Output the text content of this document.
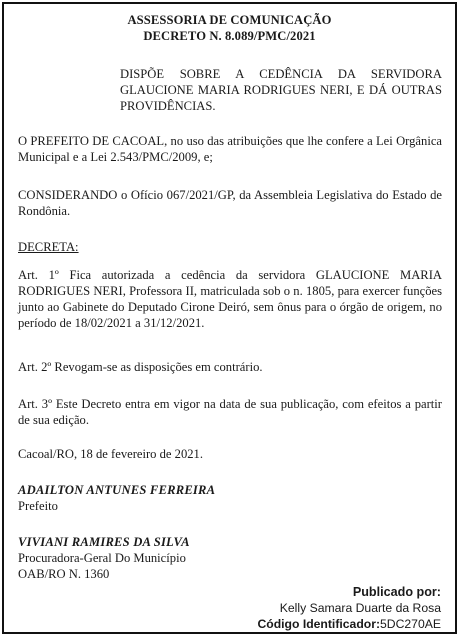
ASSESSORIA DE COMUNICAÇÃO
DECRETO N. 8.089/PMC/2021
DISPÕE SOBRE A CEDÊNCIA DA SERVIDORA GLAUCIONE MARIA RODRIGUES NERI, E DÁ OUTRAS PROVIDÊNCIAS.
O PREFEITO DE CACOAL, no uso das atribuições que lhe confere a Lei Orgânica Municipal e a Lei 2.543/PMC/2009, e;
CONSIDERANDO o Ofício 067/2021/GP, da Assembleia Legislativa do Estado de Rondônia.
DECRETA:
Art. 1º Fica autorizada a cedência da servidora GLAUCIONE MARIA RODRIGUES NERI, Professora II, matriculada sob o n. 1805, para exercer funções junto ao Gabinete do Deputado Cirone Deiró, sem ônus para o órgão de origem, no período de 18/02/2021 a 31/12/2021.
Art. 2º Revogam-se as disposições em contrário.
Art. 3º Este Decreto entra em vigor na data de sua publicação, com efeitos a partir de sua edição.
Cacoal/RO, 18 de fevereiro de 2021.
ADAILTON ANTUNES FERREIRA
Prefeito
VIVIANI RAMIRES DA SILVA
Procuradora-Geral Do Município
OAB/RO N. 1360
Publicado por:
Kelly Samara Duarte da Rosa
Código Identificador:5DC270AE
